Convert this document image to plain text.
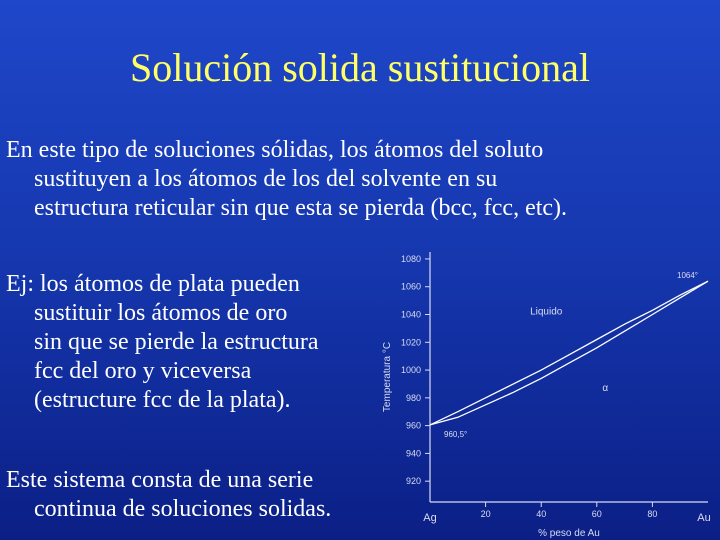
Solución solida sustitucional
En este tipo de soluciones sólidas, los átomos del soluto
sustituyen a los átomos de los del solvente en su
estructura reticular sin que esta se pierda (bcc, fcc, etc).
Ej: los átomos de plata pueden
sustituir los átomos de oro
sin que se pierde la estructura
fcc del oro y viceversa
(estructure fcc de la plata).
Este sistema consta de una serie
continua de soluciones solidas.
920
940
960
980
1000
1020
1040
1060
1080
20	40	60	80
Ag	Au
% peso de Au
Temperatura °C
Liquido
α
960,5°
1064°
